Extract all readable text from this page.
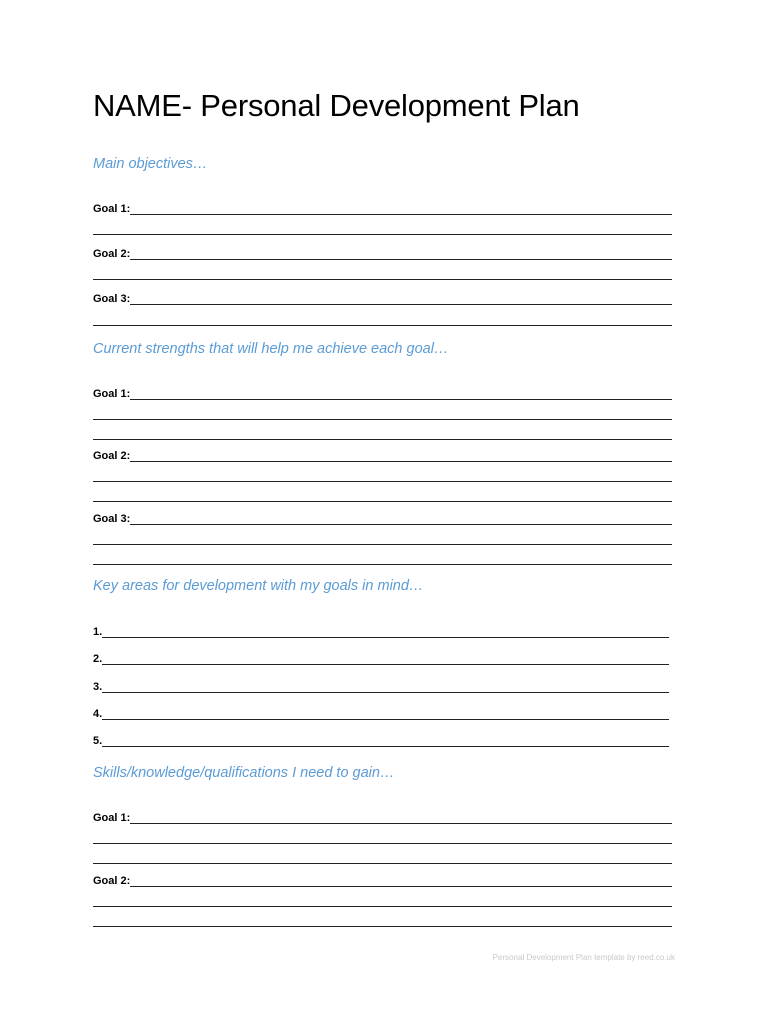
NAME- Personal Development Plan
Main objectives…
Goal 1:
Goal 2:
Goal 3:
Current strengths that will help me achieve each goal…
Goal 1:
Goal 2:
Goal 3:
Key areas for development with my goals in mind…
1.
2.
3.
4.
5.
Skills/knowledge/qualifications I need to gain…
Goal 1:
Goal 2:
Personal Development Plan template by reed.co.uk
